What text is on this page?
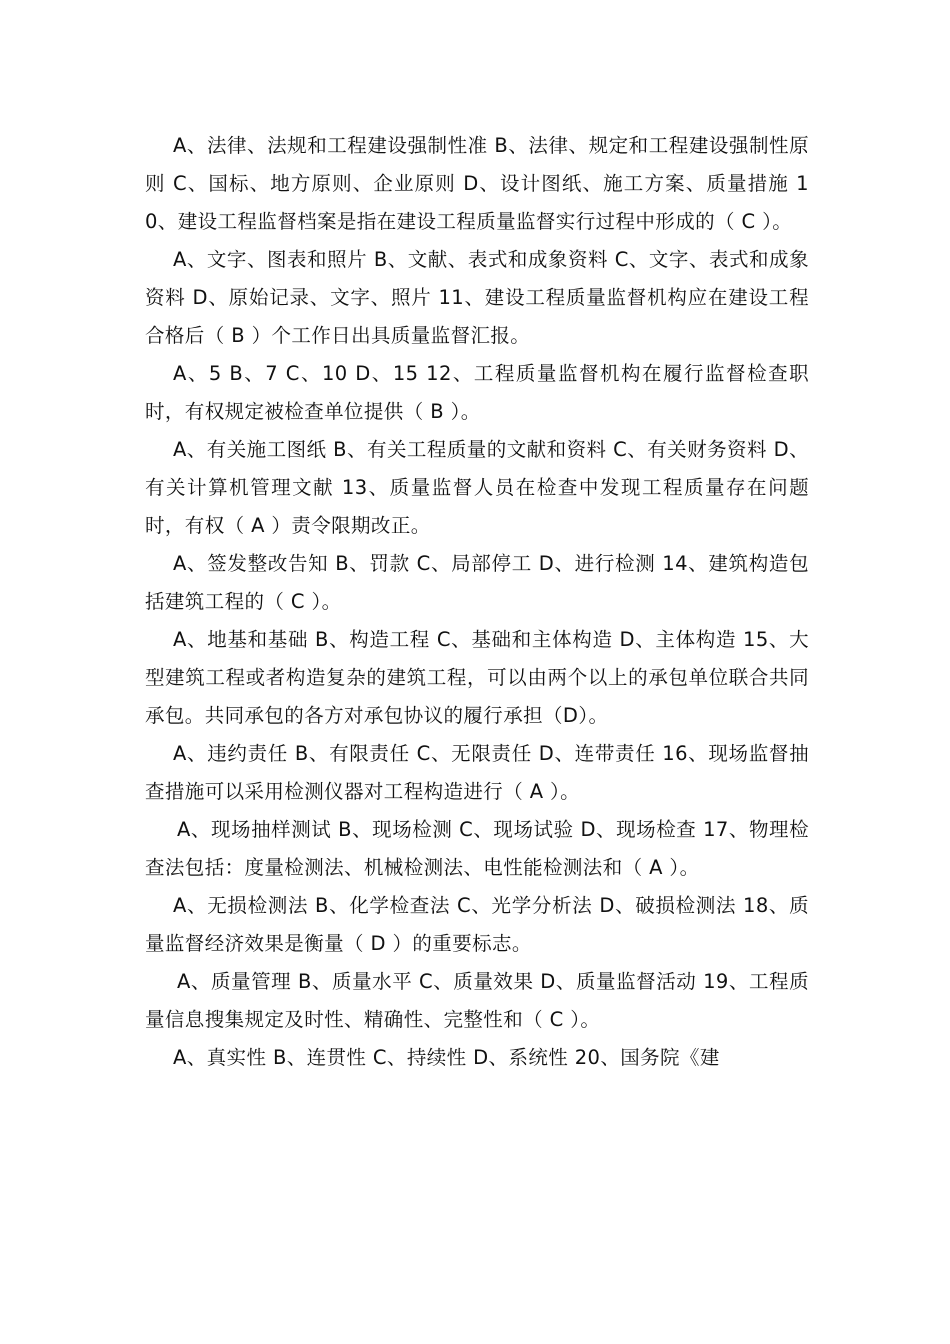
A、法律、法规和工程建设强制性准 B、法律、规定和工程建设强制性原则 C、国标、地方原则、企业原则 D、设计图纸、施工方案、质量措施 10、建设工程监督档案是指在建设工程质量监督实行过程中形成的（ C ）。

A、文字、图表和照片 B、文献、表式和成象资料 C、文字、表式和成象资料 D、原始记录、文字、照片 11、建设工程质量监督机构应在建设工程合格后（ B ）个工作日出具质量监督汇报。

A、5 B、7 C、10 D、15 12、工程质量监督机构在履行监督检查职时，有权规定被检查单位提供（ B ）。

A、有关施工图纸 B、有关工程质量的文献和资料 C、有关财务资料 D、有关计算机管理文献 13、质量监督人员在检查中发现工程质量存在问题时，有权（ A ）责令限期改正。

A、签发整改告知 B、罚款 C、局部停工 D、进行检测 14、建筑构造包括建筑工程的（ C ）。

A、地基和基础 B、构造工程 C、基础和主体构造 D、主体构造 15、大型建筑工程或者构造复杂的建筑工程，可以由两个以上的承包单位联合共同承包。共同承包的各方对承包协议的履行承担（D）。

A、违约责任 B、有限责任 C、无限责任 D、连带责任 16、现场监督抽查措施可以采用检测仪器对工程构造进行（ A ）。

A、现场抽样测试 B、现场检测 C、现场试验 D、现场检查 17、物理检查法包括：度量检测法、机械检测法、电性能检测法和（ A ）。

A、无损检测法 B、化学检查法 C、光学分析法 D、破损检测法 18、质量监督经济效果是衡量（ D ）的重要标志。

A、质量管理 B、质量水平 C、质量效果 D、质量监督活动 19、工程质量信息搜集规定及时性、精确性、完整性和（ C ）。

A、真实性 B、连贯性 C、持续性 D、系统性 20、国务院《建
